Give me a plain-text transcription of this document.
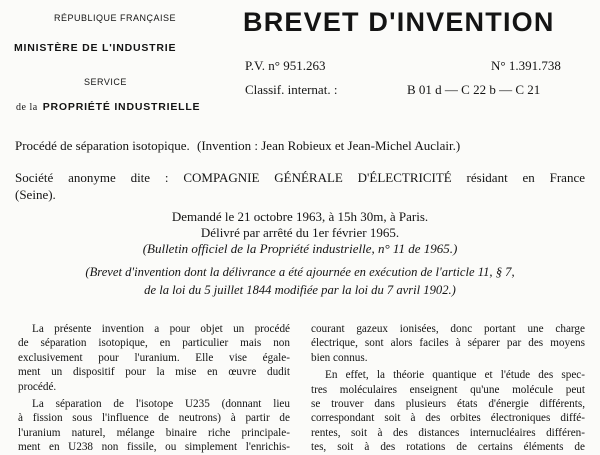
RÉPUBLIQUE FRANÇAISE
MINISTÈRE DE L'INDUSTRIE
SERVICE
de la PROPRIÉTÉ INDUSTRIELLE
BREVET D'INVENTION
P.V. n° 951.263	N° 1.391.738
Classif. internat. :	B 01 d — C 22 b — C 21
Procédé de séparation isotopique. (Invention : Jean Robieux et Jean-Michel Auclair.)
Société anonyme dite : COMPAGNIE GÉNÉRALE D'ÉLECTRICITÉ résidant en France
(Seine).
Demandé le 21 octobre 1963, à 15h 30m, à Paris.
Délivré par arrêté du 1er février 1965.
(Bulletin officiel de la Propriété industrielle, n° 11 de 1965.)
(Brevet d'invention dont la délivrance a été ajournée en exécution de l'article 11, § 7,
de la loi du 5 juillet 1844 modifiée par la loi du 7 avril 1902.)
La présente invention a pour objet un procédé
de séparation isotopique, en particulier mais non
exclusivement pour l'uranium. Elle vise égale-
ment un dispositif pour la mise en œuvre dudit
procédé.
La séparation de l'isotope U235 (donnant lieu
à fission sous l'influence de neutrons) à partir de
l'uranium naturel, mélange binaire riche principale-
ment en U238 non fissile, ou simplement l'enrichis-
courant gazeux ionisées, donc portant une charge
électrique, sont alors faciles à séparer par des moyens
bien connus.
En effet, la théorie quantique et l'étude des spec-
tres moléculaires enseignent qu'une molécule peut
se trouver dans plusieurs états d'énergie différents,
correspondant soit à des orbites électroniques diffé-
rentes, soit à des distances internucléaires différen-
tes, soit à des rotations de certains éléments de
